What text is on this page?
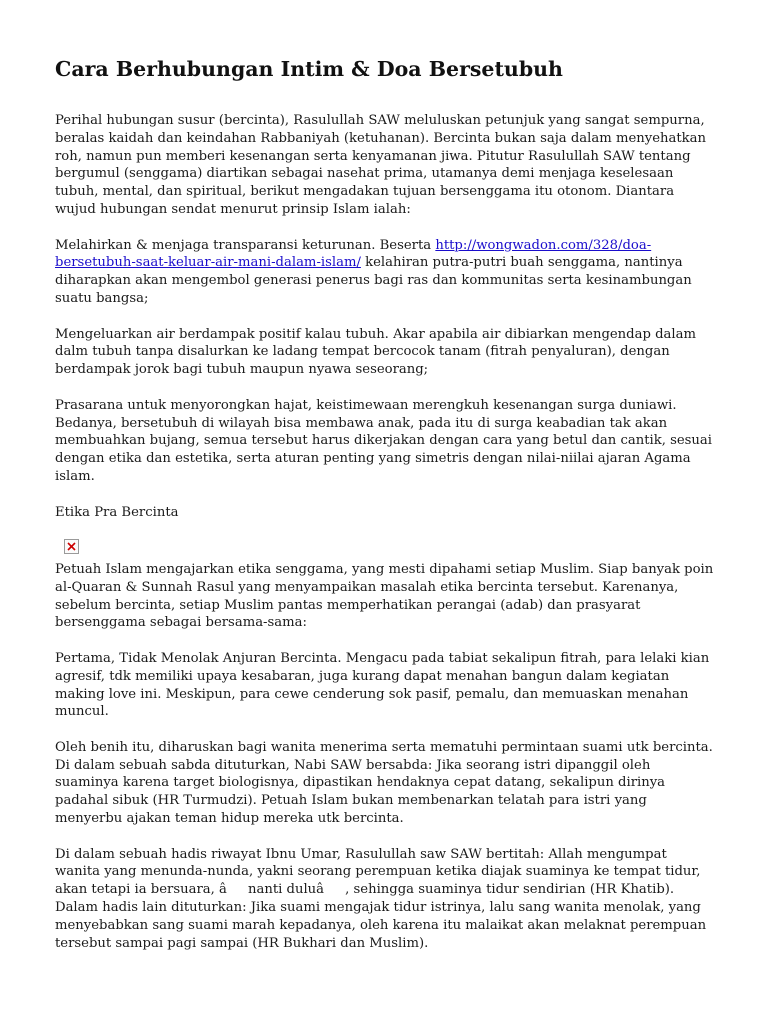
Cara Berhubungan Intim & Doa Bersetubuh

Perihal hubungan susur (bercinta), Rasulullah SAW meluluskan petunjuk yang sangat sempurna, beralas kaidah dan keindahan Rabbaniyah (ketuhanan). Bercinta bukan saja dalam menyehatkan roh, namun pun memberi kesenangan serta kenyamanan jiwa. Pitutur Rasulullah SAW tentang bergumul (senggama) diartikan sebagai nasehat prima, utamanya demi menjaga keselesaan tubuh, mental, dan spiritual, berikut mengadakan tujuan bersenggama itu otonom. Diantara wujud hubungan sendat menurut prinsip Islam ialah:

Melahirkan & menjaga transparansi keturunan. Beserta http://wongwadon.com/328/doa-bersetubuh-saat-keluar-air-mani-dalam-islam/ kelahiran putra-putri buah senggama, nantinya diharapkan akan mengembol generasi penerus bagi ras dan kommunitas serta kesinambungan suatu bangsa;

Mengeluarkan air berdampak positif kalau tubuh. Akar apabila air dibiarkan mengendap dalam dalm tubuh tanpa disalurkan ke ladang tempat bercocok tanam (fitrah penyaluran), dengan berdampak jorok bagi tubuh maupun nyawa seseorang;

Prasarana untuk menyorongkan hajat, keistimewaan merengkuh kesenangan surga duniawi. Bedanya, bersetubuh di wilayah bisa membawa anak, pada itu di surga keabadian tak akan membuahkan bujang, semua tersebut harus dikerjakan dengan cara yang betul dan cantik, sesuai dengan etika dan estetika, serta aturan penting yang simetris dengan nilai-niilai ajaran Agama islam.

Etika Pra Bercinta

Petuah Islam mengajarkan etika senggama, yang mesti dipahami setiap Muslim. Siap banyak poin al-Quaran & Sunnah Rasul yang menyampaikan masalah etika bercinta tersebut. Karenanya, sebelum bercinta, setiap Muslim pantas memperhatikan perangai (adab) dan prasyarat bersenggama sebagai bersama-sama:

Pertama, Tidak Menolak Anjuran Bercinta. Mengacu pada tabiat sekalipun fitrah, para lelaki kian agresif, tdk memiliki upaya kesabaran, juga kurang dapat menahan bangun dalam kegiatan making love ini. Meskipun, para cewe cenderung sok pasif, pemalu, dan memuaskan menahan muncul.

Oleh benih itu, diharuskan bagi wanita menerima serta mematuhi permintaan suami utk bercinta. Di dalam sebuah sabda dituturkan, Nabi SAW bersabda: Jika seorang istri dipanggil oleh suaminya karena target biologisnya, dipastikan hendaknya cepat datang, sekalipun dirinya padahal sibuk (HR Turmudzi). Petuah Islam bukan membenarkan telatah para istri yang menyerbu ajakan teman hidup mereka utk bercinta.

Di dalam sebuah hadis riwayat Ibnu Umar, Rasulullah saw SAW bertitah: Allah mengumpat wanita yang menunda-nunda, yakni seorang perempuan ketika diajak suaminya ke tempat tidur, akan tetapi ia bersuara, ânanti duluâ, sehingga suaminya tidur sendirian (HR Khatib). Dalam hadis lain dituturkan: Jika suami mengajak tidur istrinya, lalu sang wanita menolak, yang menyebabkan sang suami marah kepadanya, oleh karena itu malaikat akan melaknat perempuan tersebut sampai pagi sampai (HR Bukhari dan Muslim).
